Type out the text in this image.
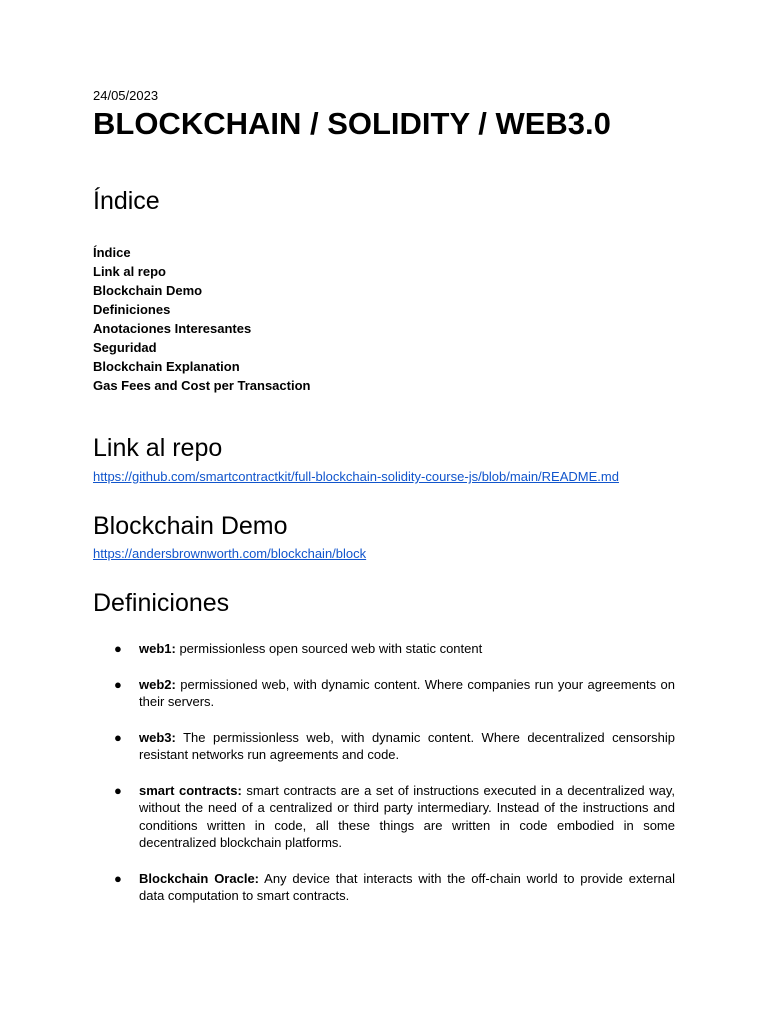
24/05/2023
BLOCKCHAIN / SOLIDITY / WEB3.0
Índice
Índice
Link al repo
Blockchain Demo
Definiciones
Anotaciones Interesantes
Seguridad
Blockchain Explanation
Gas Fees and Cost per Transaction
Link al repo
https://github.com/smartcontractkit/full-blockchain-solidity-course-js/blob/main/README.md
Blockchain Demo
https://andersbrownworth.com/blockchain/block
Definiciones
● web1: permissionless open sourced web with static content
● web2: permissioned web, with dynamic content. Where companies run your agreements on their servers.
● web3: The permissionless web, with dynamic content. Where decentralized censorship resistant networks run agreements and code.
● smart contracts: smart contracts are a set of instructions executed in a decentralized way, without the need of a centralized or third party intermediary. Instead of the instructions and conditions written in code, all these things are written in code embodied in some decentralized blockchain platforms.
● Blockchain Oracle: Any device that interacts with the off-chain world to provide external data computation to smart contracts.
